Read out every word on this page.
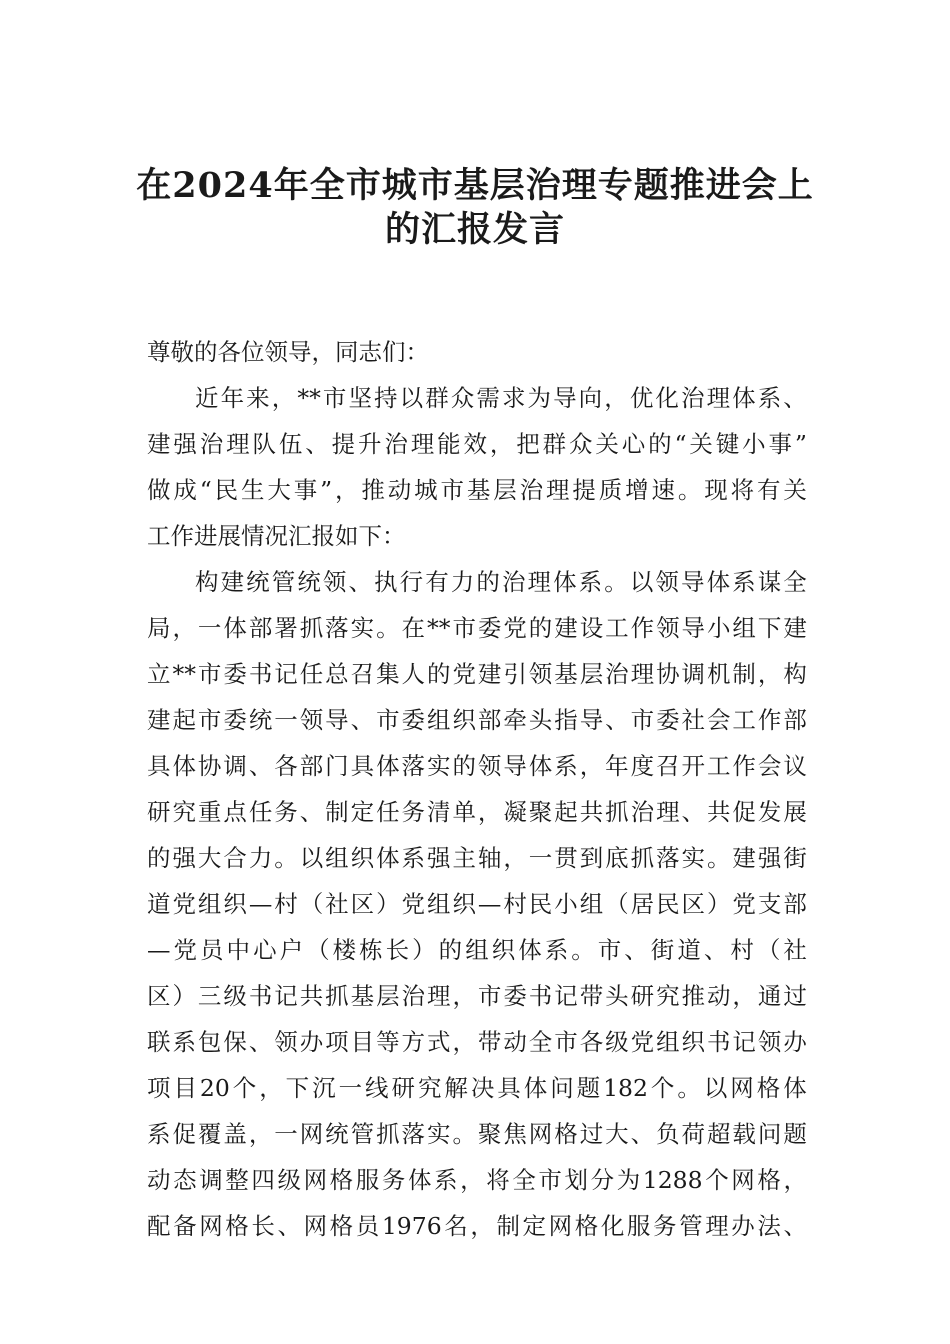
在2024年全市城市基层治理专题推进会上
的汇报发言
尊敬的各位领导，同志们：
近 年 来 ， ** 市 坚 持 以 群 众 需 求 为 导 向 ， 优 化 治 理 体 系 、
建 强 治 理 队 伍 、 提 升 治 理 能 效 ， 把 群 众 关 心 的 “ 关 键 小 事 ”
做 成 “ 民 生 大 事 ” ， 推 动 城 市 基 层 治 理 提 质 增 速 。 现 将 有 关
工作进展情况汇报如下：
构 建 统 管 统 领 、 执 行 有 力 的 治 理 体 系 。 以 领 导 体 系 谋 全
局 ， 一 体 部 署 抓 落 实 。 在 ** 市 委 党 的 建 设 工 作 领 导 小 组 下 建
立 ** 市 委 书 记 任 总 召 集 人 的 党 建 引 领 基 层 治 理 协 调 机 制 ， 构
建 起 市 委 统 一 领 导 、 市 委 组 织 部 牵 头 指 导 、 市 委 社 会 工 作 部
具 体 协 调 、 各 部 门 具 体 落 实 的 领 导 体 系 ， 年 度 召 开 工 作 会 议
研 究 重 点 任 务 、 制 定 任 务 清 单 ， 凝 聚 起 共 抓 治 理 、 共 促 发 展
的 强 大 合 力 。 以 组 织 体 系 强 主 轴 ， 一 贯 到 底 抓 落 实 。 建 强 街
道 党 组 织 — 村 （ 社 区 ） 党 组 织 — 村 民 小 组 （ 居 民 区 ） 党 支 部
— 党 员 中 心 户 （ 楼 栋 长 ） 的 组 织 体 系 。 市 、 街 道 、 村 （ 社
区 ） 三 级 书 记 共 抓 基 层 治 理 ， 市 委 书 记 带 头 研 究 推 动 ， 通 过
联 系 包 保 、 领 办 项 目 等 方 式 ， 带 动 全 市 各 级 党 组 织 书 记 领 办
项 目 20 个 ， 下 沉 一 线 研 究 解 决 具 体 问 题 182 个 。 以 网 格 体
系 促 覆 盖 ， 一 网 统 管 抓 落 实 。 聚 焦 网 格 过 大 、 负 荷 超 载 问 题
动 态 调 整 四 级 网 格 服 务 体 系 ， 将 全 市 划 分 为 1288 个 网 格 ，
配 备 网 格 长 、 网 格 员 1976 名 ， 制 定 网 格 化 服 务 管 理 办 法 、
